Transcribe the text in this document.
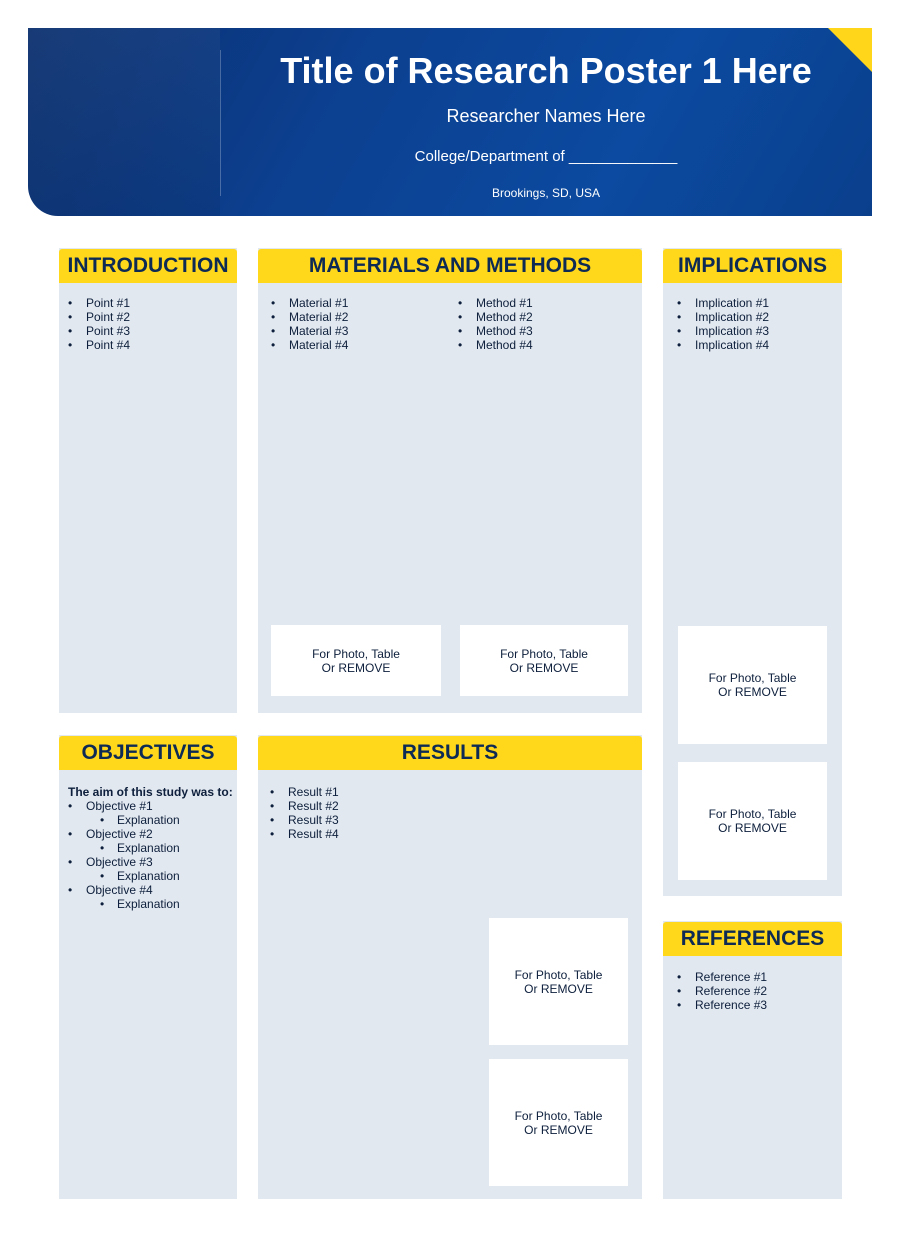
Title of Research Poster 1 Here
Researcher Names Here
College/Department of _____________
Brookings, SD, USA
INTRODUCTION
• Point #1
• Point #2
• Point #3
• Point #4
MATERIALS AND METHODS
• Material #1
• Material #2
• Material #3
• Material #4
• Method #1
• Method #2
• Method #3
• Method #4
For Photo, Table
Or REMOVE
For Photo, Table
Or REMOVE
IMPLICATIONS
• Implication #1
• Implication #2
• Implication #3
• Implication #4
For Photo, Table
Or REMOVE
For Photo, Table
Or REMOVE
OBJECTIVES
The aim of this study was to:
• Objective #1
• Explanation
• Objective #2
• Explanation
• Objective #3
• Explanation
• Objective #4
• Explanation
RESULTS
• Result #1
• Result #2
• Result #3
• Result #4
For Photo, Table
Or REMOVE
For Photo, Table
Or REMOVE
REFERENCES
• Reference #1
• Reference #2
• Reference #3
